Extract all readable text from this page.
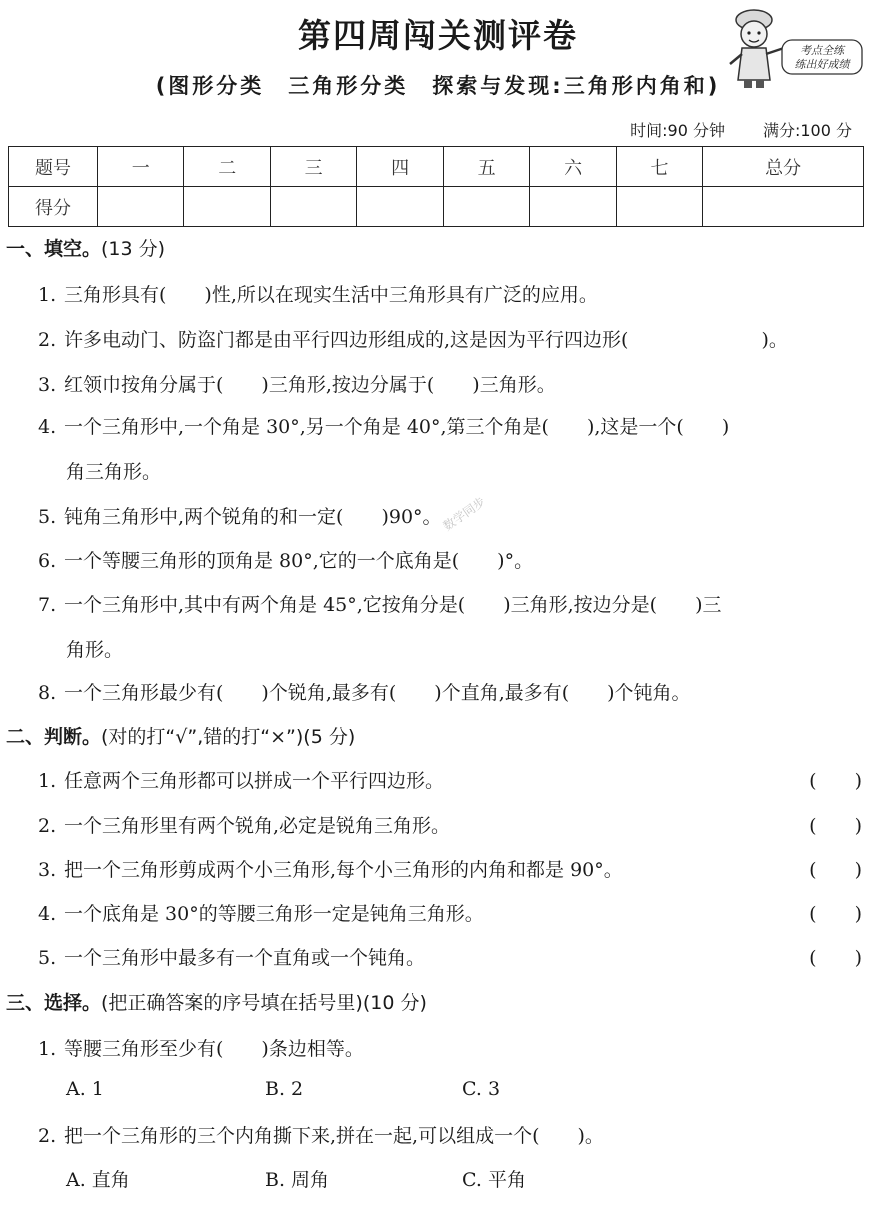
第四周闯关测评卷
(图形分类　三角形分类　探索与发现:三角形内角和)
考点全练
练出好成绩
时间:90 分钟 满分:100 分
题号	一	二	三	四	五	六	七	总分
得分								
数学同步
一、填空。(13 分)
1. 三角形具有(　　)性,所以在现实生活中三角形具有广泛的应用。
2. 许多电动门、防盗门都是由平行四边形组成的,这是因为平行四边形(　　　　　　　)。
3. 红领巾按角分属于(　　)三角形,按边分属于(　　)三角形。
4. 一个三角形中,一个角是 30°,另一个角是 40°,第三个角是(　　),这是一个(　　)
角三角形。
5. 钝角三角形中,两个锐角的和一定(　　)90°。
6. 一个等腰三角形的顶角是 80°,它的一个底角是(　　)°。
7. 一个三角形中,其中有两个角是 45°,它按角分是(　　)三角形,按边分是(　　)三
角形。
8. 一个三角形最少有(　　)个锐角,最多有(　　)个直角,最多有(　　)个钝角。
二、判断。(对的打“√”,错的打“×”)(5 分)
1. 任意两个三角形都可以拼成一个平行四边形。	(　　)
2. 一个三角形里有两个锐角,必定是锐角三角形。	(　　)
3. 把一个三角形剪成两个小三角形,每个小三角形的内角和都是 90°。	(　　)
4. 一个底角是 30°的等腰三角形一定是钝角三角形。	(　　)
5. 一个三角形中最多有一个直角或一个钝角。	(　　)
三、选择。(把正确答案的序号填在括号里)(10 分)
1. 等腰三角形至少有(　　)条边相等。
A. 1	B. 2	C. 3
2. 把一个三角形的三个内角撕下来,拼在一起,可以组成一个(　　)。
A. 直角	B. 周角	C. 平角
